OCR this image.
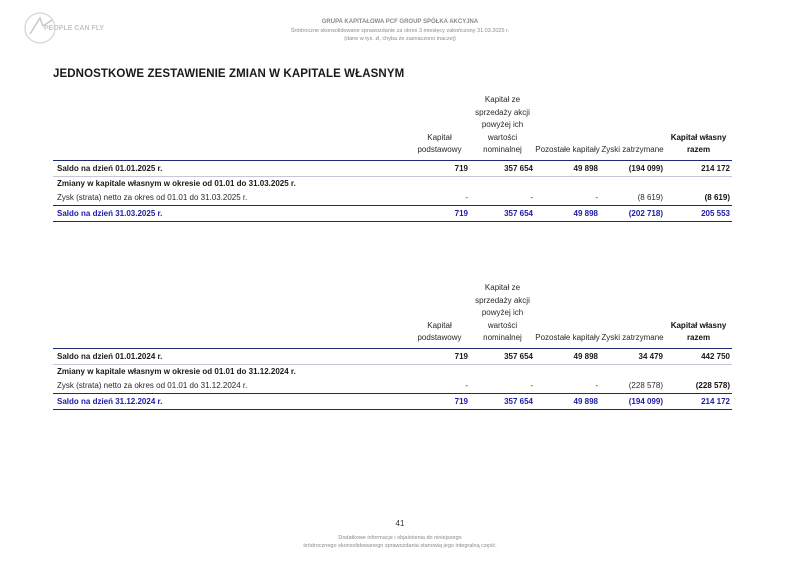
PEOPLE CAN FLY
GRUPA KAPITAŁOWA PCF GROUP SPÓŁKA AKCYJNA
Śródroczne skonsolidowane sprawozdanie za okres 3 miesięcy zakończony 31.03.2025 r.
(dane w tys. zł, chyba że zaznaczono inaczej)
JEDNOSTKOWE ZESTAWIENIE ZMIAN W KAPITALE WŁASNYM
	Kapitał podstawowy	Kapitał ze sprzedaży akcji powyżej ich wartości nominalnej	Pozostałe kapitały	Zyski zatrzymane	Kapitał własny razem
Saldo na dzień 01.01.2025 r.	719	357 654	49 898	(194 099)	214 172
Zmiany w kapitale własnym w okresie od 01.01 do 31.03.2025 r.					
Zysk (strata) netto za okres od 01.01 do 31.03.2025 r.	-	-	-	(8 619)	(8 619)
Saldo na dzień 31.03.2025 r.	719	357 654	49 898	(202 718)	205 553
	Kapitał podstawowy	Kapitał ze sprzedaży akcji powyżej ich wartości nominalnej	Pozostałe kapitały	Zyski zatrzymane	Kapitał własny razem
Saldo na dzień 01.01.2024 r.	719	357 654	49 898	34 479	442 750
Zmiany w kapitale własnym w okresie od 01.01 do 31.12.2024 r.					
Zysk (strata) netto za okres od 01.01 do 31.12.2024 r.	-	-	-	(228 578)	(228 578)
Saldo na dzień 31.12.2024 r.	719	357 654	49 898	(194 099)	214 172
41
Dodatkowe informacje i objaśnienia do niniejszego
śródrocznego skonsolidowanego sprawozdania stanowią jego integralną część.
